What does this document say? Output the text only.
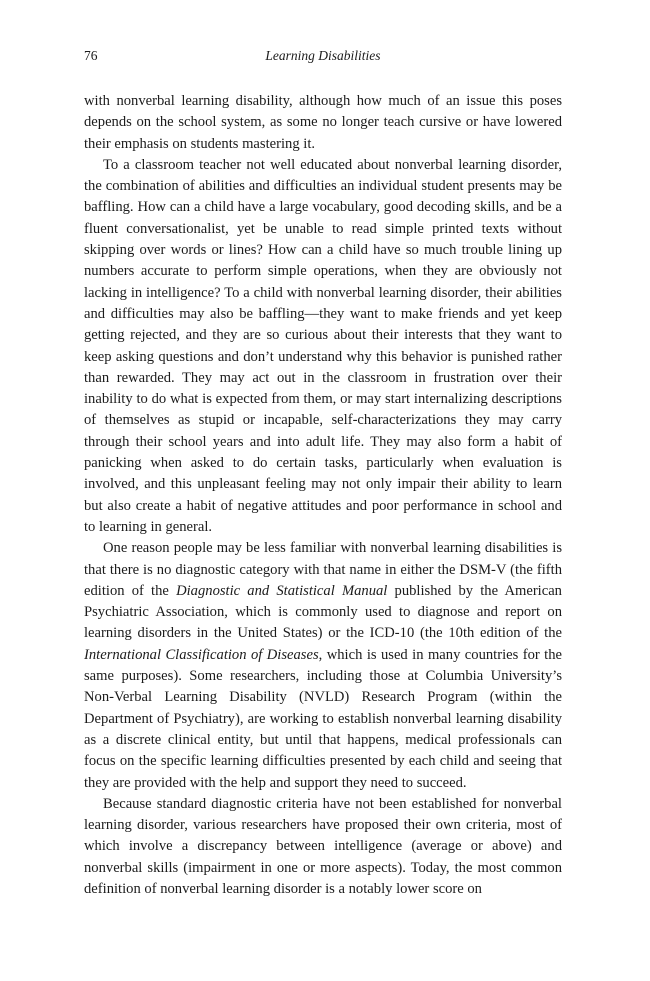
76	Learning Disabilities

with nonverbal learning disability, although how much of an issue this poses depends on the school system, as some no longer teach cursive or have lowered their emphasis on students mastering it.

To a classroom teacher not well educated about nonverbal learning disorder, the combination of abilities and difficulties an individual student presents may be baffling. How can a child have a large vocabulary, good decoding skills, and be a fluent conversationalist, yet be unable to read simple printed texts without skipping over words or lines? How can a child have so much trouble lining up numbers accurate to perform simple operations, when they are obviously not lacking in intelligence? To a child with nonverbal learning disorder, their abilities and difficulties may also be baffling—they want to make friends and yet keep getting rejected, and they are so curious about their interests that they want to keep asking questions and don’t understand why this behavior is punished rather than rewarded. They may act out in the classroom in frustration over their inability to do what is expected from them, or may start internalizing descriptions of themselves as stupid or incapable, self-characterizations they may carry through their school years and into adult life. They may also form a habit of panicking when asked to do certain tasks, particularly when evaluation is involved, and this unpleasant feeling may not only impair their ability to learn but also create a habit of negative attitudes and poor performance in school and to learning in general.

One reason people may be less familiar with nonverbal learning disabilities is that there is no diagnostic category with that name in either the DSM-V (the fifth edition of the Diagnostic and Statistical Manual published by the American Psychiatric Association, which is commonly used to diagnose and report on learning disorders in the United States) or the ICD-10 (the 10th edition of the International Classification of Diseases, which is used in many countries for the same purposes). Some researchers, including those at Columbia University’s Non-Verbal Learning Disability (NVLD) Research Program (within the Department of Psychiatry), are working to establish nonverbal learning disability as a discrete clinical entity, but until that happens, medical professionals can focus on the specific learning difficulties presented by each child and seeing that they are provided with the help and support they need to succeed.

Because standard diagnostic criteria have not been established for nonverbal learning disorder, various researchers have proposed their own criteria, most of which involve a discrepancy between intelligence (average or above) and nonverbal skills (impairment in one or more aspects). Today, the most common definition of nonverbal learning disorder is a notably lower score on
